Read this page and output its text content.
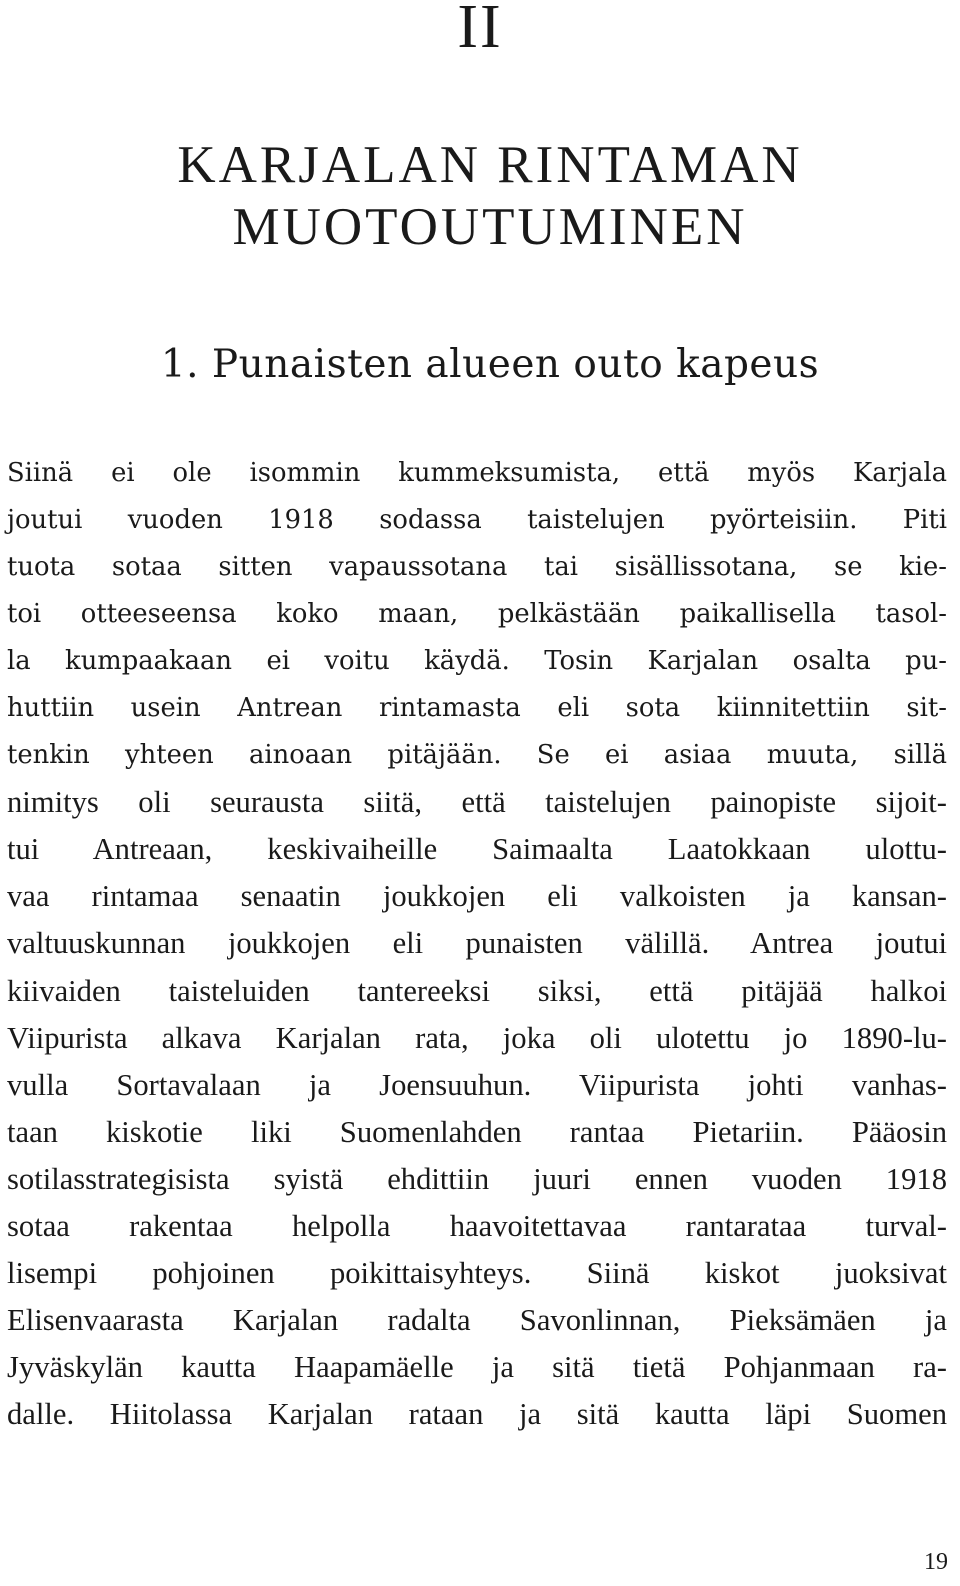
II
KARJALAN RINTAMAN
MUOTOUTUMINEN
1. Punaisten alueen outo kapeus
Siinä ei ole isommin kummeksumista, että myös Karjala
joutui vuoden 1918 sodassa taistelujen pyörteisiin. Piti
tuota sotaa sitten vapaussotana tai sisällissotana, se kie-
toi otteeseensa koko maan, pelkästään paikallisella tasol-
la kumpaakaan ei voitu käydä. Tosin Karjalan osalta pu-
huttiin usein Antrean rintamasta eli sota kiinnitettiin sit-
tenkin yhteen ainoaan pitäjään. Se ei asiaa muuta, sillä
nimitys oli seurausta siitä, että taistelujen painopiste sijoit-
tui Antreaan, keskivaiheille Saimaalta Laatokkaan ulottu-
vaa rintamaa senaatin joukkojen eli valkoisten ja kansan-
valtuuskunnan joukkojen eli punaisten välillä. Antrea joutui
kiivaiden taisteluiden tantereeksi siksi, että pitäjää halkoi
Viipurista alkava Karjalan rata, joka oli ulotettu jo 1890-lu-
vulla Sortavalaan ja Joensuuhun. Viipurista johti vanhas-
taan kiskotie liki Suomenlahden rantaa Pietariin. Pääosin
sotilasstrategisista syistä ehdittiin juuri ennen vuoden 1918
sotaa rakentaa helpolla haavoitettavaa rantarataa turval-
lisempi pohjoinen poikittaisyhteys. Siinä kiskot juoksivat
Elisenvaarasta Karjalan radalta Savonlinnan, Pieksämäen ja
Jyväskylän kautta Haapamäelle ja sitä tietä Pohjanmaan ra-
dalle. Hiitolassa Karjalan rataan ja sitä kautta läpi Suomen
19
